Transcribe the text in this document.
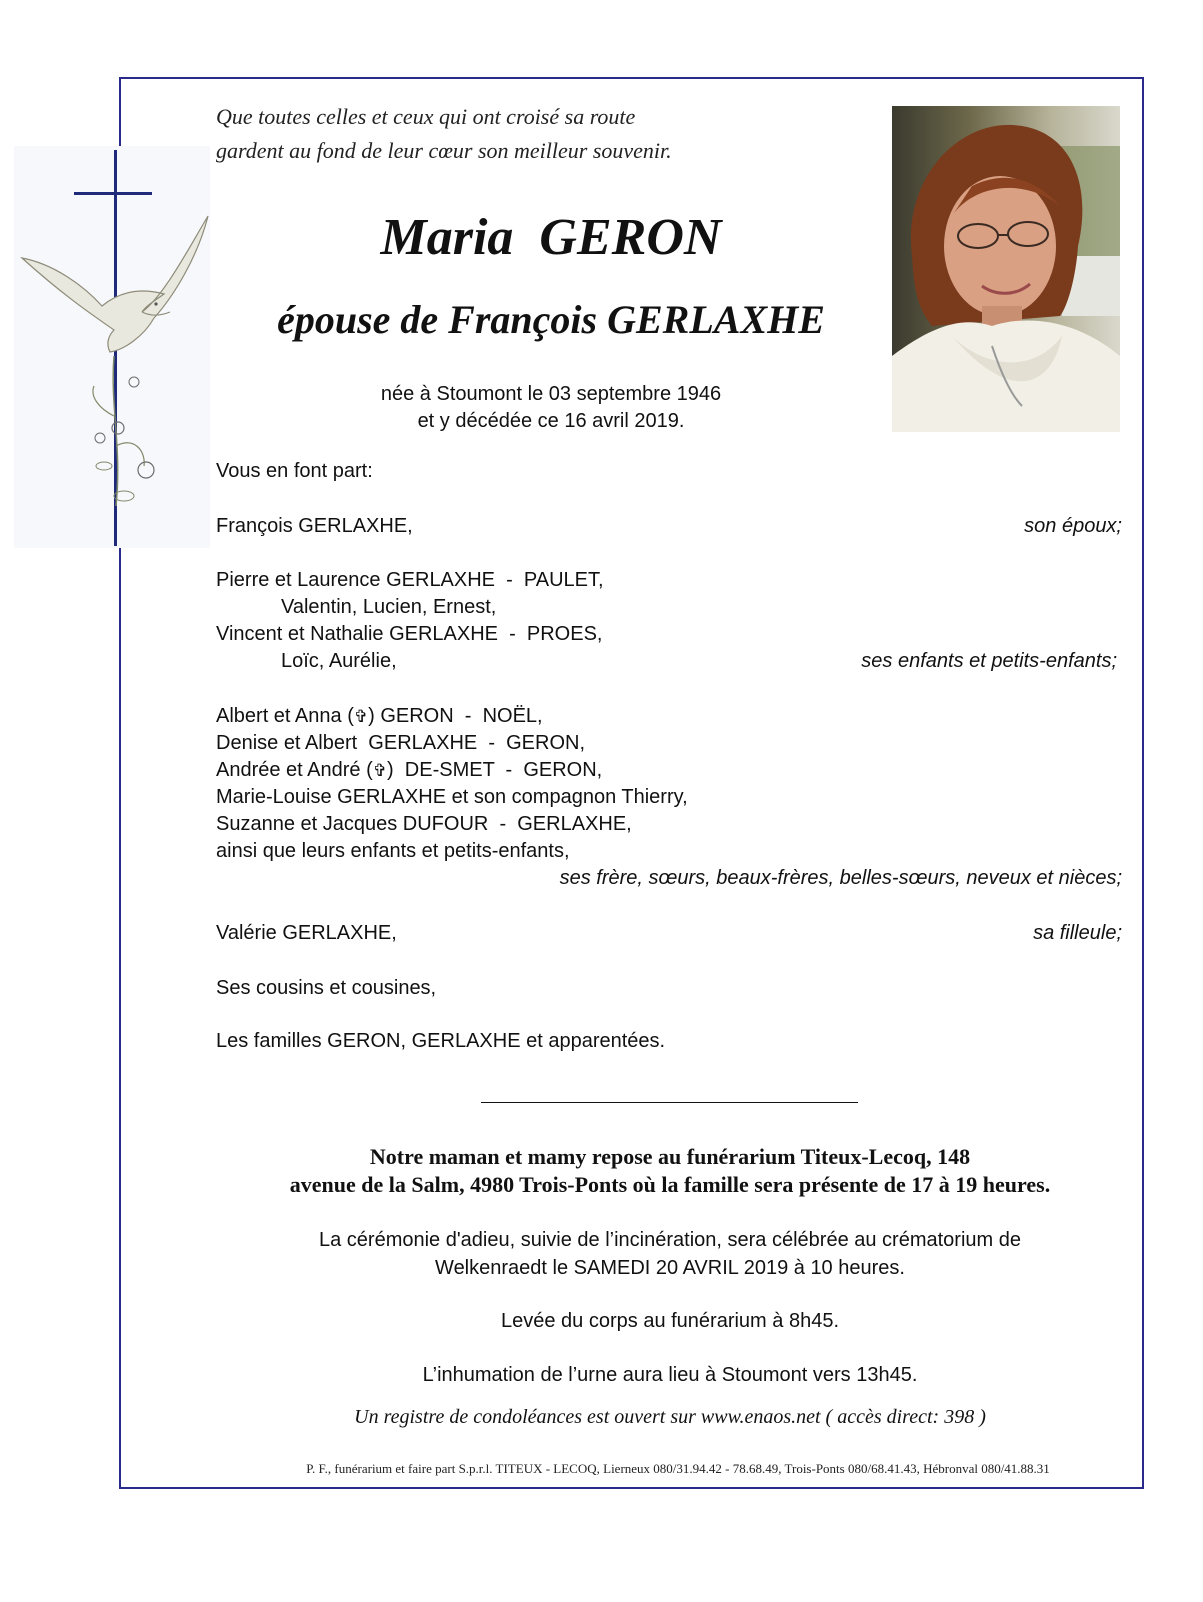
Que toutes celles et ceux qui ont croisé sa route
gardent au fond de leur cœur son meilleur souvenir.
Maria  GERON
épouse de François GERLAXHE
née à Stoumont le 03 septembre 1946
et y décédée ce 16 avril 2019.
Vous en font part:
François GERLAXHE,	son époux;
Pierre et Laurence GERLAXHE  -  PAULET,
Valentin, Lucien, Ernest,
Vincent et Nathalie GERLAXHE  -  PROES,
Loïc, Aurélie,	ses enfants et petits-enfants;
Albert et Anna (✞) GERON  -  NOËL,
Denise et Albert  GERLAXHE  -  GERON,
Andrée et André (✞)  DE-SMET  -  GERON,
Marie-Louise GERLAXHE et son compagnon Thierry,
Suzanne et Jacques DUFOUR  -  GERLAXHE,
ainsi que leurs enfants et petits-enfants,
ses frère, sœurs, beaux-frères, belles-sœurs, neveux et nièces;
Valérie GERLAXHE,	sa filleule;
Ses cousins et cousines,
Les familles GERON, GERLAXHE et apparentées.
Notre maman et mamy repose au funérarium Titeux-Lecoq, 148
avenue de la Salm, 4980 Trois-Ponts où la famille sera présente de 17 à 19 heures.
La cérémonie d'adieu, suivie de l’incinération, sera célébrée au crématorium de
Welkenraedt le SAMEDI 20 AVRIL 2019 à 10 heures.
Levée du corps au funérarium à 8h45.
L’inhumation de l’urne aura lieu à Stoumont vers 13h45.
Un registre de condoléances est ouvert sur www.enaos.net ( accès direct: 398 )
P. F., funérarium et faire part S.p.r.l. TITEUX - LECOQ, Lierneux 080/31.94.42 - 78.68.49, Trois-Ponts 080/68.41.43, Hébronval 080/41.88.31
